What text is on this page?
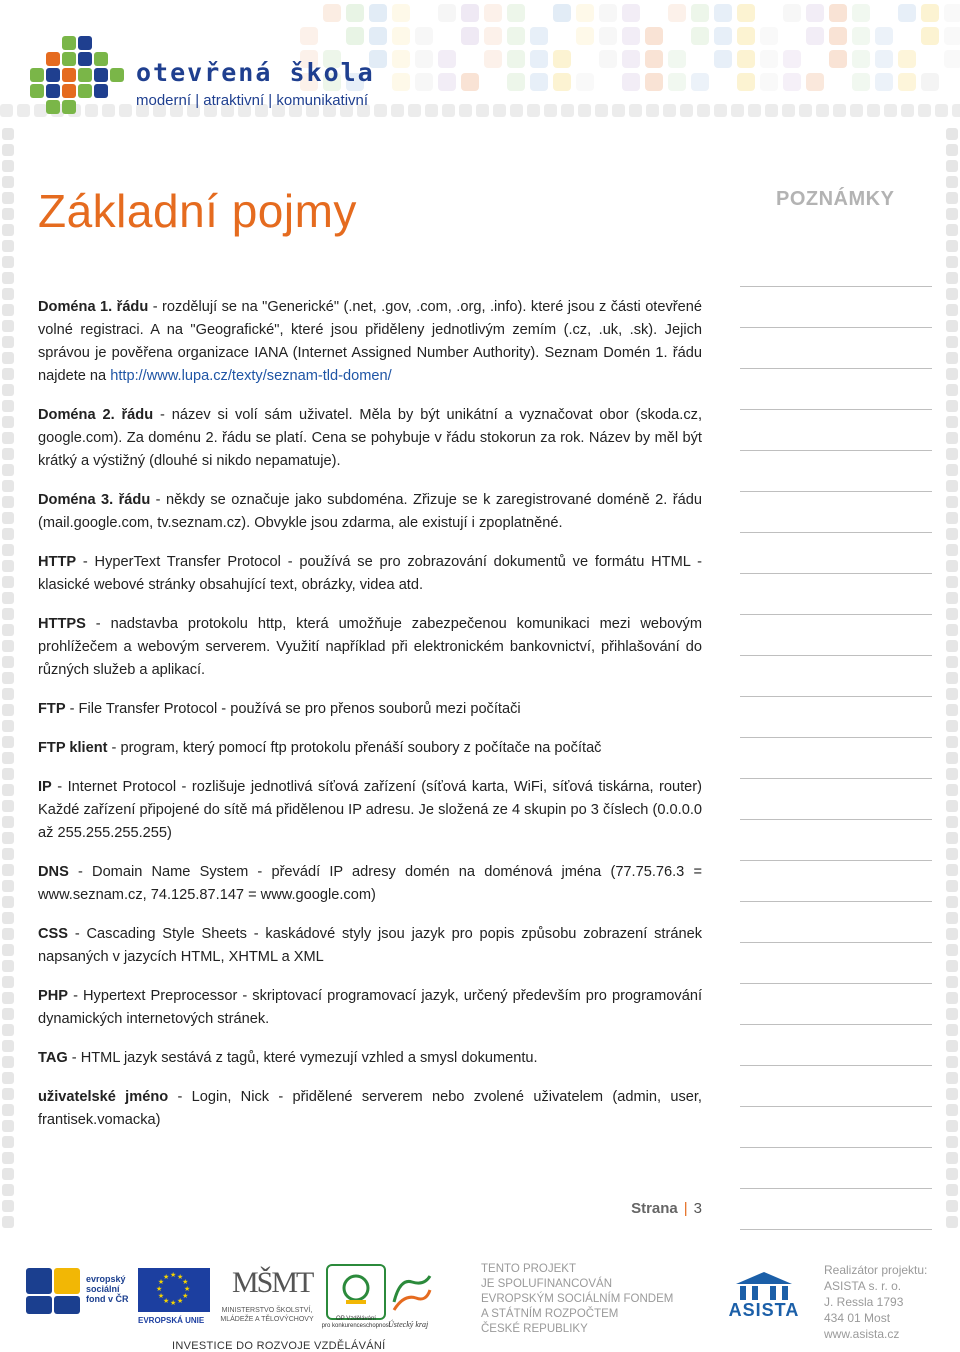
otevřená škola
moderní | atraktivní | komunikativní
Základní pojmy	POZNÁMKY

Doména 1. řádu - rozdělují se na "Generické" (.net, .gov, .com, .org, .info). které jsou z části otevřené volné registraci. A na "Geografické", které jsou přiděleny jednotlivým zemím (.cz, .uk, .sk). Jejich správou je pověřena organizace IANA (Internet Assigned Number Authority). Seznam Domén 1. řádu najdete na http://www.lupa.cz/texty/seznam-tld-domen/

Doména 2. řádu - název si volí sám uživatel. Měla by být unikátní a vyznačovat obor (skoda.cz, google.com). Za doménu 2. řádu se platí. Cena se pohybuje v řádu stokorun za rok. Název by měl být krátký a výstižný (dlouhé si nikdo nepamatuje).

Doména 3. řádu - někdy se označuje jako subdoména. Zřizuje se k zaregistrované doméně 2. řádu (mail.google.com, tv.seznam.cz). Obvykle jsou zdarma, ale existují i zpoplatněné.

HTTP - HyperText Transfer Protocol - používá se pro zobrazování dokumentů ve formátu HTML - klasické webové stránky obsahující text, obrázky, videa atd.

HTTPS - nadstavba protokolu http, která umožňuje zabezpečenou komunikaci mezi webovým prohlížečem a webovým serverem. Využití například při elektronickém bankovnictví, přihlašování do různých služeb a aplikací.

FTP - File Transfer Protocol - používá se pro přenos souborů mezi počítači

FTP klient - program, který pomocí ftp protokolu přenáší soubory z počítače na počítač

IP - Internet Protocol - rozlišuje jednotlivá síťová zařízení (síťová karta, WiFi, síťová tiskárna, router) Každé zařízení připojené do sítě má přidělenou IP adresu. Je složená ze 4 skupin po 3 číslech (0.0.0.0 až 255.255.255.255)

DNS - Domain Name System - převádí IP adresy domén na doménová jména (77.75.76.3 = www.seznam.cz, 74.125.87.147 = www.google.com)

CSS - Cascading Style Sheets - kaskádové styly jsou jazyk pro popis způsobu zobrazení stránek napsaných v jazycích HTML, XHTML a XML

PHP - Hypertext Preprocessor - skriptovací programovací jazyk, určený především pro programování dynamických internetových stránek.

TAG - HTML jazyk sestává z tagů, které vymezují vzhled a smysl dokumentu.

uživatelské jméno - Login, Nick - přidělené serverem nebo zvolené uživatelem (admin, user, frantisek.vomacka)

Strana | 3
evropský
sociální
fond v ČR
★
★
★
★
★
★
★
★
★ ★ ★
★
EVROPSKÁ UNIE
MŠMT
MINISTERSTVO ŠKOLSTVÍ,
MLÁDEŽE A TĚLOVÝCHOVY	OP Vzdělávání
pro konkurenceschopnost
Ústecký kraj
INVESTICE DO ROZVOJE VZDĚLÁVÁNÍ
TENTO PROJEKT
JE SPOLUFINANCOVÁN
EVROPSKÝM SOCIÁLNÍM FONDEM
A STÁTNÍM ROZPOČTEM
ČESKÉ REPUBLIKY
ASISTA
Realizátor projektu:
ASISTA s. r. o.
J. Ressla 1793
434 01 Most
www.asista.cz
